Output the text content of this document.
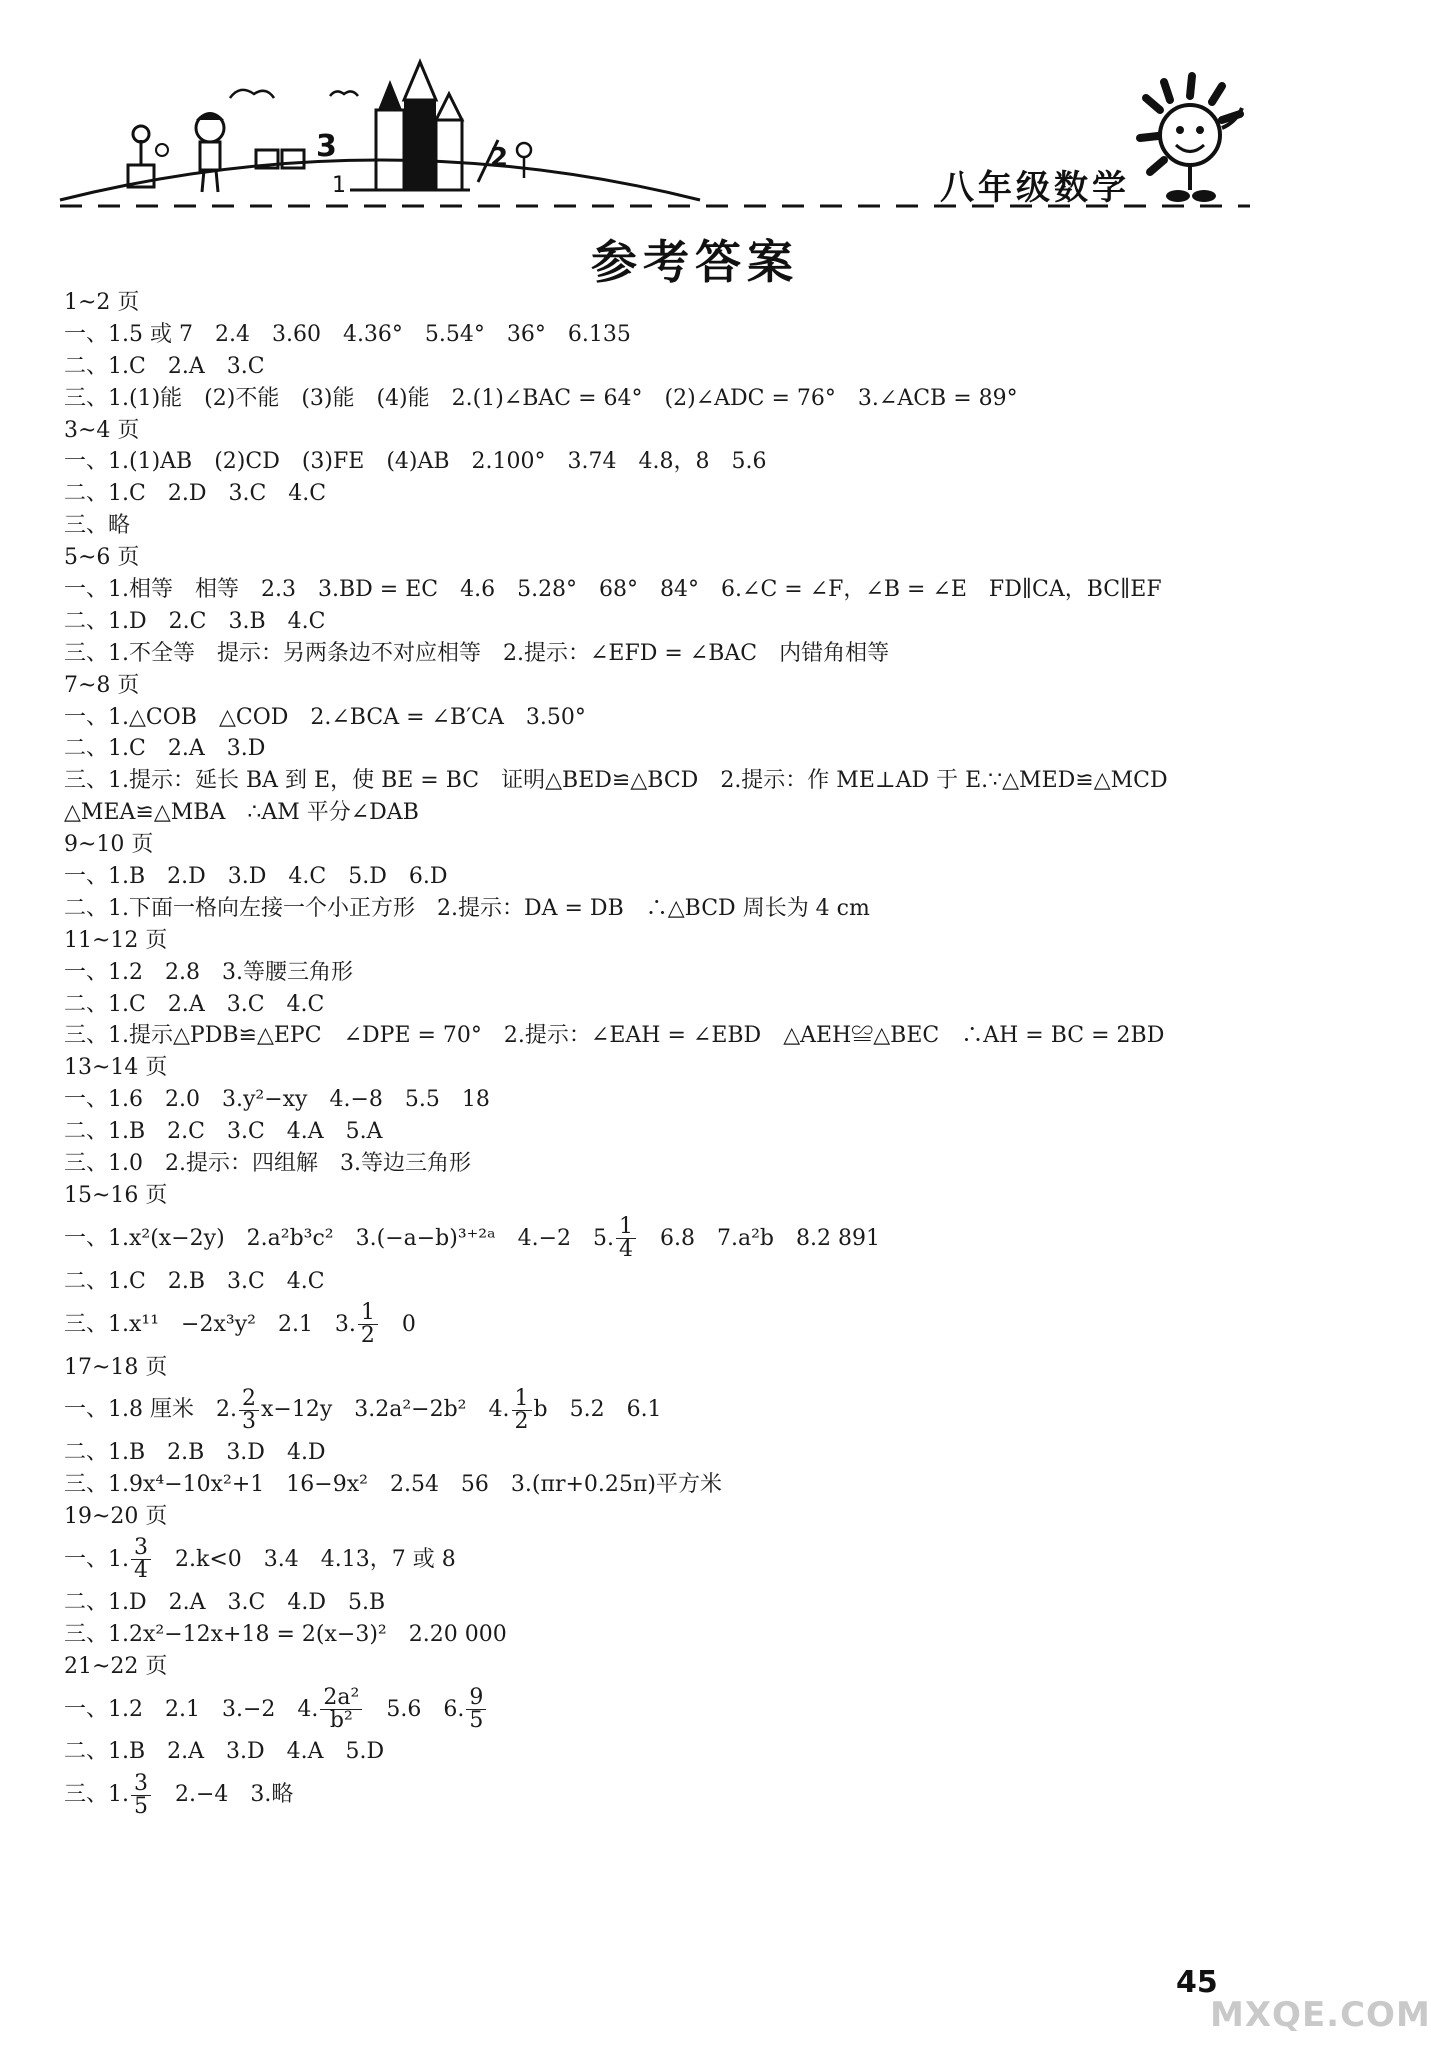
3
1
2
八年级数学
参考答案
1~2 页
一、1.5 或 7　2.4　3.60　4.36°　5.54°　36°　6.135
二、1.C　2.A　3.C
三、1.(1)能　(2)不能　(3)能　(4)能　2.(1)∠BAC = 64°　(2)∠ADC = 76°　3.∠ACB = 89°
3~4 页
一、1.(1)AB　(2)CD　(3)FE　(4)AB　2.100°　3.74　4.8，8　5.6
二、1.C　2.D　3.C　4.C
三、略
5~6 页
一、1.相等　相等　2.3　3.BD = EC　4.6　5.28°　68°　84°　6.∠C = ∠F，∠B = ∠E　FD∥CA，BC∥EF
二、1.D　2.C　3.B　4.C
三、1.不全等　提示：另两条边不对应相等　2.提示：∠EFD = ∠BAC　内错角相等
7~8 页
一、1.△COB　△COD　2.∠BCA = ∠B′CA　3.50°
二、1.C　2.A　3.D
三、1.提示：延长 BA 到 E，使 BE = BC　证明△BED≌△BCD　2.提示：作 ME⊥AD 于 E.∵△MED≌△MCD
△MEA≌△MBA　∴AM 平分∠DAB
9~10 页
一、1.B　2.D　3.D　4.C　5.D　6.D
二、1.下面一格向左接一个小正方形　2.提示：DA = DB　∴△BCD 周长为 4 cm
11~12 页
一、1.2　2.8　3.等腰三角形
二、1.C　2.A　3.C　4.C
三、1.提示△PDB≌△EPC　∠DPE = 70°　2.提示：∠EAH = ∠EBD　△AEH≌△BEC　∴AH = BC = 2BD
13~14 页
一、1.6　2.0　3.y²−xy　4.−8　5.5　18
二、1.B　2.C　3.C　4.A　5.A
三、1.0　2.提示：四组解　3.等边三角形
15~16 页
一、1.x²(x−2y)　2.a²b³c²　3.(−a−b)³⁺²ᵃ　4.−2　5. $\frac{1}{4}$ 　6.8　7.a²b　8.2 891
二、1.C　2.B　3.C　4.C
三、1.x¹¹　−2x³y²　2.1　3. $\frac{1}{2}$ 　0
17~18 页
一、1.8 厘米　2. $\frac{2}{3} x-12y$　3.2a²−2b²　4. $\frac{1}{2}$ b　5.2　6.1
二、1.B　2.B　3.D　4.D
三、1.9x⁴−10x²+1　16−9x²　2.54　56　3.(πr+0.25π)平方米
19~20 页
一、1. $\frac{3}{4}$ 　2.k<0　3.4　4.13，7 或 8
二、1.D　2.A　3.C　4.D　5.B
三、1.2x²−12x+18 = 2(x−3)²　2.20 000
21~22 页
一、1.2　2.1　3.−2　4. $\frac{\text{2a²}}{\text{b²}}$ 　5.6　6. $\frac{9}{5}$
二、1.B　2.A　3.D　4.A　5.D
三、1. $\frac{3}{5}$ 　2.−4　3.略
45
MXQE.COM
